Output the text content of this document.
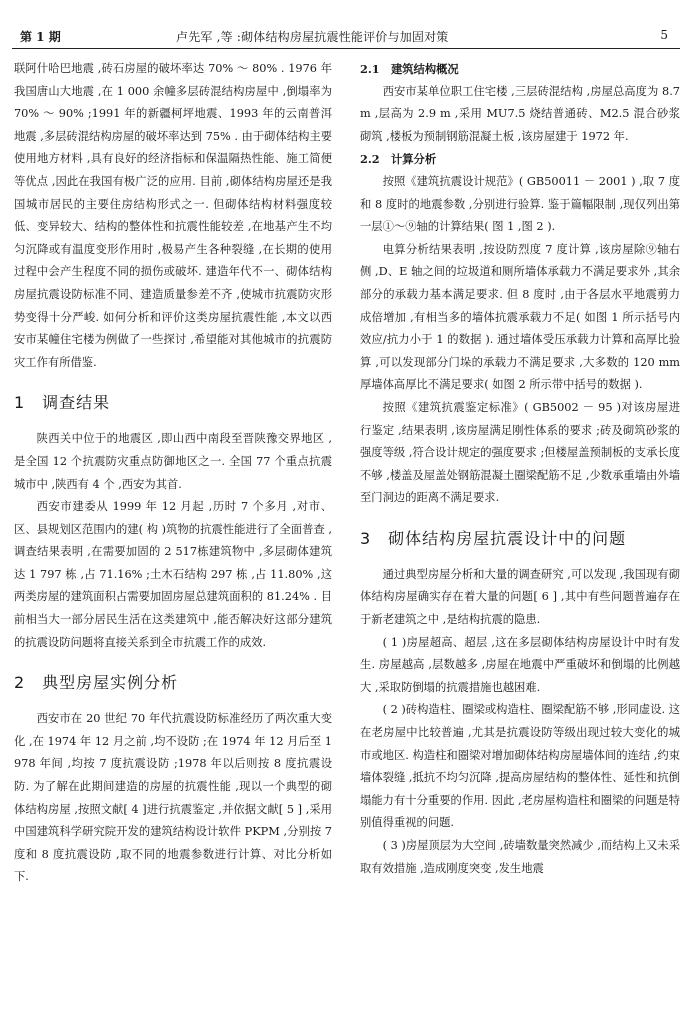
第 1 期	卢先军 ,等 :砌体结构房屋抗震性能评价与加固对策	5

联阿什哈巴地震 ,砖石房屋的破坏率达 70% ～ 80% . 1976 年我国唐山大地震 ,在 1 000 余幢多层砖混结构房屋中 ,倒塌率为 70% ～ 90% ;1991 年的新疆柯坪地震、1993 年的云南普洱地震 ,多层砖混结构房屋的破坏率达到 75% . 由于砌体结构主要使用地方材料 ,具有良好的经济指标和保温隔热性能、施工简便等优点 ,因此在我国有极广泛的应用. 目前 ,砌体结构房屋还是我国城市居民的主要住房结构形式之一. 但砌体结构材料强度较低、变异较大、结构的整体性和抗震性能较差 ,在地基产生不均匀沉降或有温度变形作用时 ,极易产生各种裂缝 ,在长期的使用过程中会产生程度不同的损伤或破坏. 建造年代不一、砌体结构房屋抗震设防标准不同、建造质量参差不齐 ,使城市抗震防灾形势变得十分严峻. 如何分析和评价这类房屋抗震性能 ,本文以西安市某幢住宅楼为例做了一些探讨 ,希望能对其他城市的抗震防灾工作有所借鉴.

1　调查结果

陕西关中位于的地震区 ,即山西中南段至晋陕豫交界地区 ,是全国 12 个抗震防灾重点防御地区之一. 全国 77 个重点抗震城市中 ,陕西有 4 个 ,西安为其首.

西安市建委从 1999 年 12 月起 ,历时 7 个多月 ,对市、区、县规划区范围内的建( 构 )筑物的抗震性能进行了全面普查 ,调查结果表明 ,在需要加固的 2 517栋建筑物中 ,多层砌体建筑达 1 797 栋 ,占 71.16% ;土木石结构 297 栋 ,占 11.80% ,这两类房屋的建筑面积占需要加固房屋总建筑面积的 81.24% . 目前相当大一部分居民生活在这类建筑中 ,能否解决好这部分建筑的抗震设防问题将直接关系到全市抗震工作的成效.

2　典型房屋实例分析

西安市在 20 世纪 70 年代抗震设防标准经历了两次重大变化 ,在 1974 年 12 月之前 ,均不设防 ;在 1974 年 12 月后至 1978 年间 ,均按 7 度抗震设防 ;1978 年以后则按 8 度抗震设防. 为了解在此期间建造的房屋的抗震性能 ,现以一个典型的砌体结构房屋 ,按照文献[ 4 ]进行抗震鉴定 ,并依据文献[ 5 ] ,采用中国建筑科学研究院开发的建筑结构设计软件 PKPM ,分别按 7 度和 8 度抗震设防 ,取不同的地震参数进行计算、对比分析如下.

2.1　建筑结构概况

西安市某单位职工住宅楼 ,三层砖混结构 ,房屋总高度为 8.7 m ,层高为 2.9 m ,采用 MU7.5 烧结普通砖、M2.5 混合砂浆砌筑 ,楼板为预制钢筋混凝土板 ,该房屋建于 1972 年.

2.2　计算分析

按照《建筑抗震设计规范》( GB50011 － 2001 ) ,取 7 度和 8 度时的地震参数 ,分别进行验算. 鉴于篇幅限制 ,现仅列出第一层①～⑨轴的计算结果( 图 1 ,图 2 ).

电算分析结果表明 ,按设防烈度 7 度计算 ,该房屋除⑨轴右侧 ,D、E 轴之间的垃圾道和厕所墙体承载力不满足要求外 ,其余部分的承载力基本满足要求. 但 8 度时 ,由于各层水平地震剪力成倍增加 ,有相当多的墙体抗震承载力不足( 如图 1 所示括号内效应/抗力小于 1 的数据 ). 通过墙体受压承载力计算和高厚比验算 ,可以发现部分门垛的承载力不满足要求 ,大多数的 120 mm 厚墙体高厚比不满足要求( 如图 2 所示带中括号的数据 ).

按照《建筑抗震鉴定标准》( GB5002 － 95 )对该房屋进行鉴定 ,结果表明 ,该房屋满足刚性体系的要求 ;砖及砌筑砂浆的强度等级 ,符合设计规定的强度要求 ;但楼屋盖预制板的支承长度不够 ,楼盖及屋盖处钢筋混凝土圈梁配筋不足 ,少数承重墙由外墙至门洞边的距离不满足要求.

3　砌体结构房屋抗震设计中的问题

通过典型房屋分析和大量的调查研究 ,可以发现 ,我国现有砌体结构房屋确实存在着大量的问题[ 6 ] ,其中有些问题普遍存在于新老建筑之中 ,是结构抗震的隐患.

( 1 )房屋超高、超层 ,这在多层砌体结构房屋设计中时有发生. 房屋越高 ,层数越多 ,房屋在地震中严重破坏和倒塌的比例越大 ,采取防倒塌的抗震措施也越困难.

( 2 )砖构造柱、圈梁或构造柱、圈梁配筋不够 ,形同虚设. 这在老房屋中比较普遍 ,尤其是抗震设防等级出现过较大变化的城市或地区. 构造柱和圈梁对增加砌体结构房屋墙体间的连结 ,约束墙体裂缝 ,抵抗不均匀沉降 ,提高房屋结构的整体性、延性和抗倒塌能力有十分重要的作用. 因此 ,老房屋构造柱和圈梁的问题是特别值得重视的问题.

( 3 )房屋顶层为大空间 ,砖墙数量突然减少 ,而结构上又未采取有效措施 ,造成刚度突变 ,发生地震
